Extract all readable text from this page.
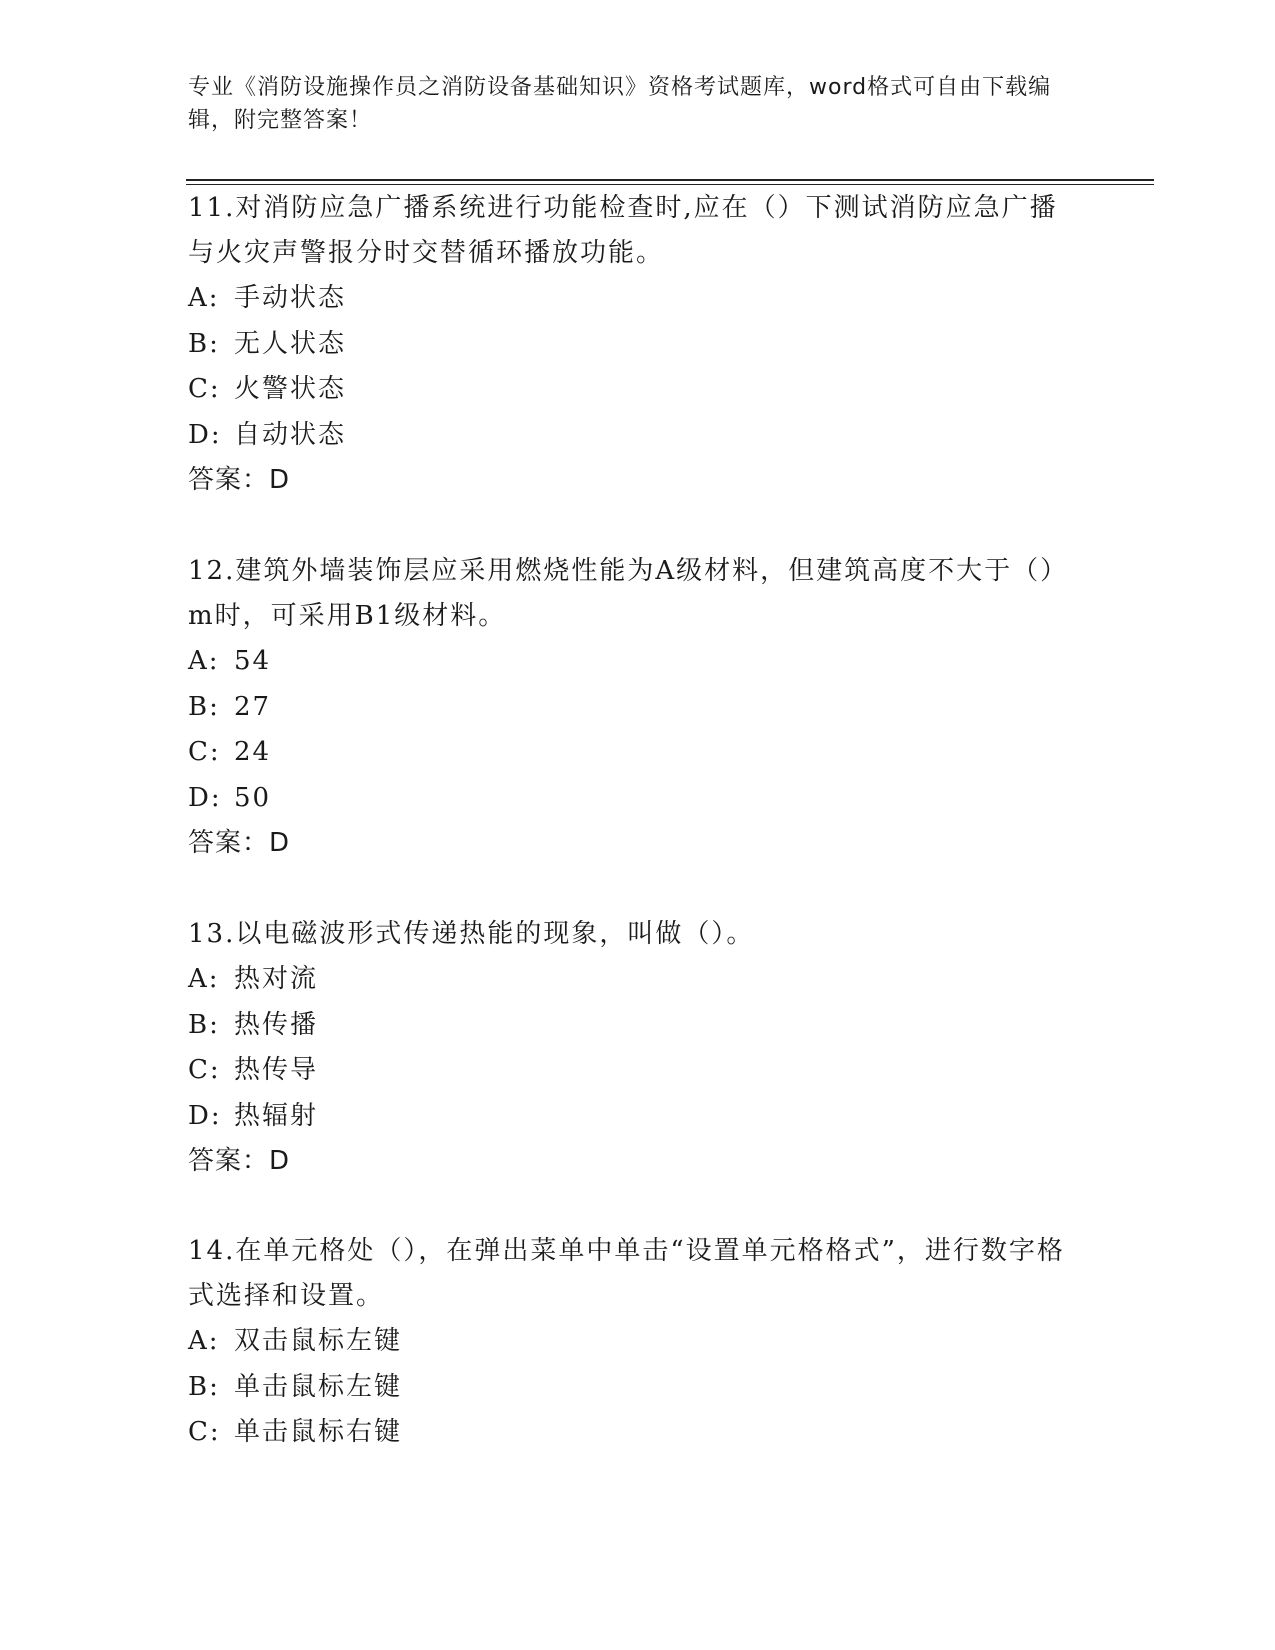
专业《消防设施操作员之消防设备基础知识》资格考试题库，word格式可自由下载编辑，附完整答案！

11.对消防应急广播系统进行功能检查时,应在（）下测试消防应急广播与火灾声警报分时交替循环播放功能。

A: 手动状态

B: 无人状态

C: 火警状态

D: 自动状态

答案：D

12.建筑外墙装饰层应采用燃烧性能为A级材料，但建筑高度不大于（）m时，可采用B1级材料。

A: 54

B: 27

C: 24

D: 50

答案：D

13.以电磁波形式传递热能的现象，叫做（）。

A: 热对流

B: 热传播

C: 热传导

D: 热辐射

答案：D

14.在单元格处（），在弹出菜单中单击“设置单元格格式”，进行数字格式选择和设置。

A: 双击鼠标左键

B: 单击鼠标左键

C: 单击鼠标右键
